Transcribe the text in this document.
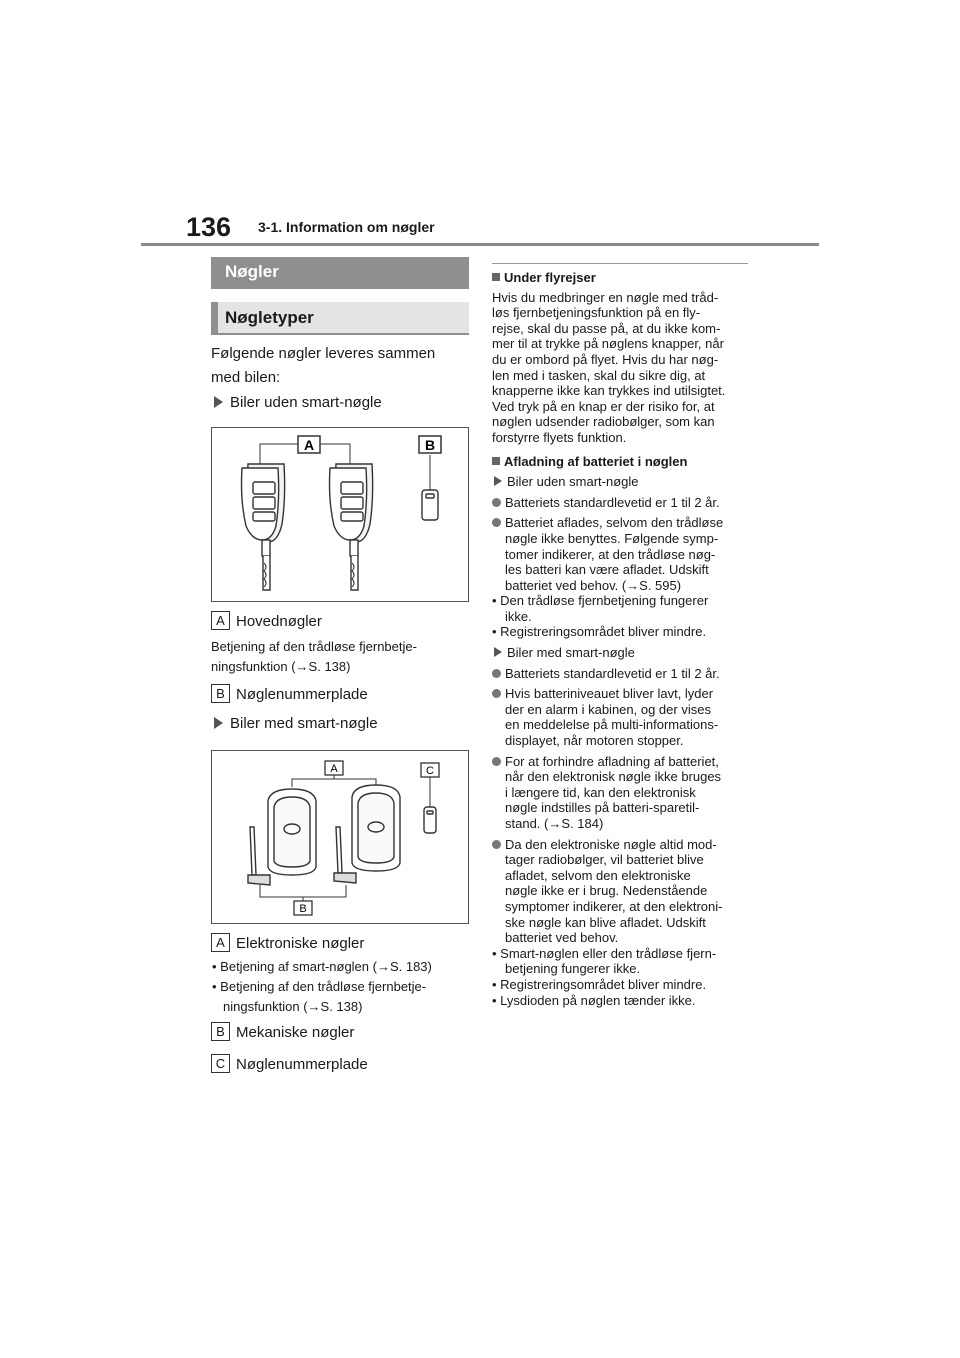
136 3-1. Information om nøgler
Nøgler
Nøgletyper
Følgende nøgler leveres sammen
med bilen:
Biler uden smart-nøgle
A	B
A Hovednøgler
Betjening af den trådløse fjernbetje-
ningsfunktion (→S. 138)
B Nøglenummerplade
Biler med smart-nøgle
A	C
B
A Elektroniske nøgler
• Betjening af smart-nøglen (→S. 183)
• Betjening af den trådløse fjernbetje-
ningsfunktion (→S. 138)
B Mekaniske nøgler
C Nøglenummerplade
Under flyrejser
Hvis du medbringer en nøgle med tråd-
løs fjernbetjeningsfunktion på en fly-
rejse, skal du passe på, at du ikke kom-
mer til at trykke på nøglens knapper, når
du er ombord på flyet. Hvis du har nøg-
len med i tasken, skal du sikre dig, at
knapperne ikke kan trykkes ind utilsigtet.
Ved tryk på en knap er der risiko for, at
nøglen udsender radiobølger, som kan
forstyrre flyets funktion.
Afladning af batteriet i nøglen
Biler uden smart-nøgle
Batteriets standardlevetid er 1 til 2 år.
Batteriet aflades, selvom den trådløse
nøgle ikke benyttes. Følgende symp-
tomer indikerer, at den trådløse nøg-
les batteri kan være afladet. Udskift
batteriet ved behov. (→S. 595)
• Den trådløse fjernbetjening fungerer
ikke.
• Registreringsområdet bliver mindre.
Biler med smart-nøgle
Batteriets standardlevetid er 1 til 2 år.
Hvis batteriniveauet bliver lavt, lyder
der en alarm i kabinen, og der vises
en meddelelse på multi-informations-
displayet, når motoren stopper.
For at forhindre afladning af batteriet,
når den elektronisk nøgle ikke bruges
i længere tid, kan den elektronisk
nøgle indstilles på batteri-sparetil-
stand. (→S. 184)
Da den elektroniske nøgle altid mod-
tager radiobølger, vil batteriet blive
afladet, selvom den elektroniske
nøgle ikke er i brug. Nedenstående
symptomer indikerer, at den elektroni-
ske nøgle kan blive afladet. Udskift
batteriet ved behov.
• Smart-nøglen eller den trådløse fjern-
betjening fungerer ikke.
• Registreringsområdet bliver mindre.
• Lysdioden på nøglen tænder ikke.
